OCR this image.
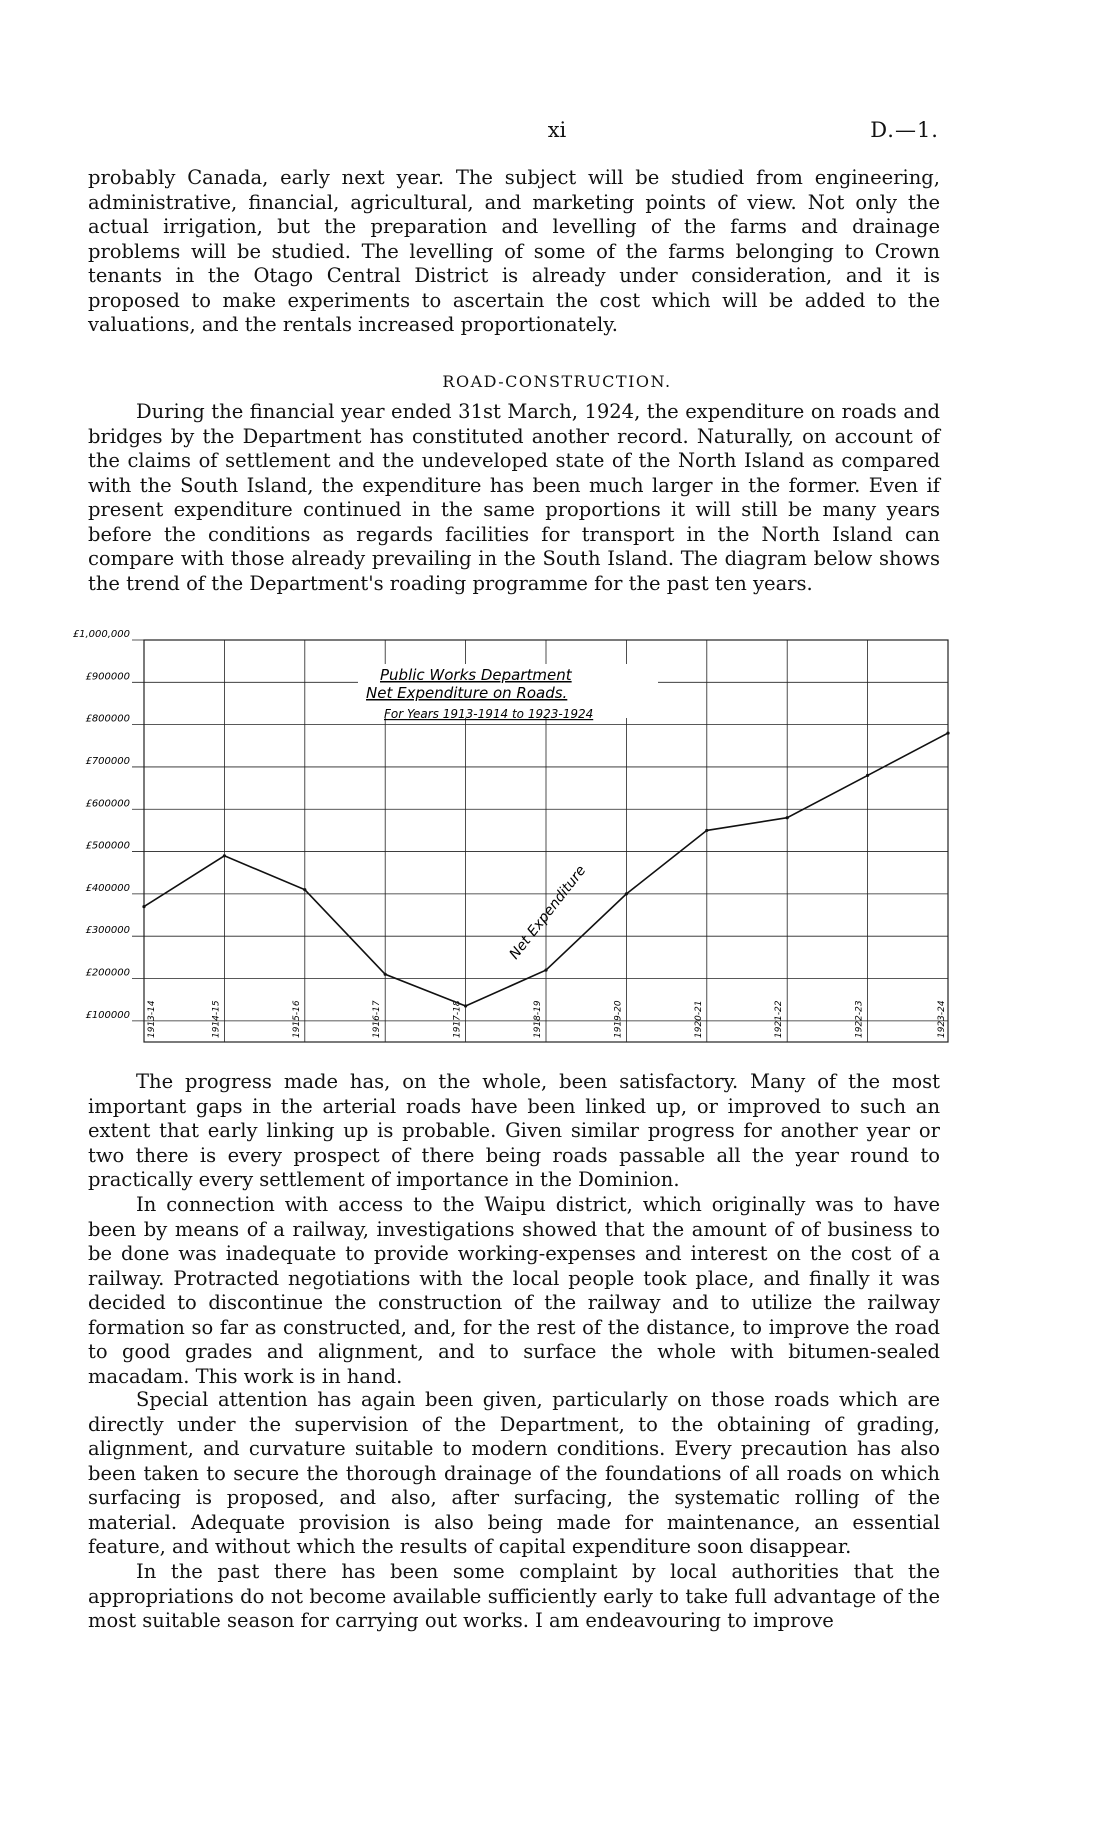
xi	D.—1.

probably Canada, early next year. The subject will be studied from engineering, administrative, financial, agricultural, and marketing points of view. Not only the actual irrigation, but the preparation and levelling of the farms and drainage problems will be studied. The levelling of some of the farms belonging to Crown tenants in the Otago Central District is already under consideration, and it is proposed to make experiments to ascertain the cost which will be added to the valuations, and the rentals increased proportionately.

ROAD-CONSTRUCTION.

During the financial year ended 31st March, 1924, the expenditure on roads and bridges by the Department has constituted another record. Naturally, on account of the claims of settlement and the undeveloped state of the North Island as compared with the South Island, the expenditure has been much larger in the former. Even if present expenditure continued in the same proportions it will still be many years before the conditions as regards facilities for transport in the North Island can compare with those already prevailing in the South Island. The diagram below shows the trend of the Department's roading programme for the past ten years.

£1,000,000
£900000
£800000
£700000
£600000
£500000
£400000
£300000
£200000
£100000 1913-14	1914-15	1915-16	1916-17	1917-18	1918-19	1919-20	1920-21	1921-22	1922-23	1923-24
Public Works Department
Net Expenditure on Roads.
For Years 1913-1914 to 1923-1924
Net Expenditure

The progress made has, on the whole, been satisfactory. Many of the most important gaps in the arterial roads have been linked up, or improved to such an extent that early linking up is probable. Given similar progress for another year or two there is every prospect of there being roads passable all the year round to practically every settlement of importance in the Dominion.

In connection with access to the Waipu district, which originally was to have been by means of a railway, investigations showed that the amount of of business to be done was inadequate to provide working-expenses and interest on the cost of a railway. Protracted negotiations with the local people took place, and finally it was decided to discontinue the construction of the railway and to utilize the railway formation so far as constructed, and, for the rest of the distance, to improve the road to good grades and alignment, and to surface the whole with bitumen-sealed macadam. This work is in hand.

Special attention has again been given, particularly on those roads which are directly under the supervision of the Department, to the obtaining of grading, alignment, and curvature suitable to modern conditions. Every precaution has also been taken to secure the thorough drainage of the foundations of all roads on which surfacing is proposed, and also, after surfacing, the systematic rolling of the material. Adequate provision is also being made for maintenance, an essential feature, and without which the results of capital expenditure soon disappear.

In the past there has been some complaint by local authorities that the appropriations do not become available sufficiently early to take full advantage of the most suitable season for carrying out works. I am endeavouring to improve
